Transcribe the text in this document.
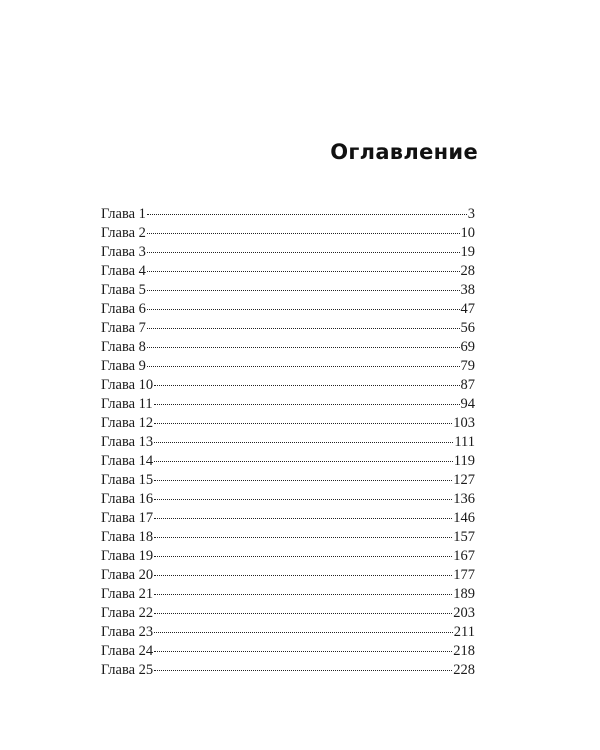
Оглавление
Глава 1	3
Глава 2	10
Глава 3	19
Глава 4	28
Глава 5	38
Глава 6	47
Глава 7	56
Глава 8	69
Глава 9	79
Глава 10	87
Глава 11	94
Глава 12	103
Глава 13	111
Глава 14	119
Глава 15	127
Глава 16	136
Глава 17	146
Глава 18	157
Глава 19	167
Глава 20	177
Глава 21	189
Глава 22	203
Глава 23	211
Глава 24	218
Глава 25	228
